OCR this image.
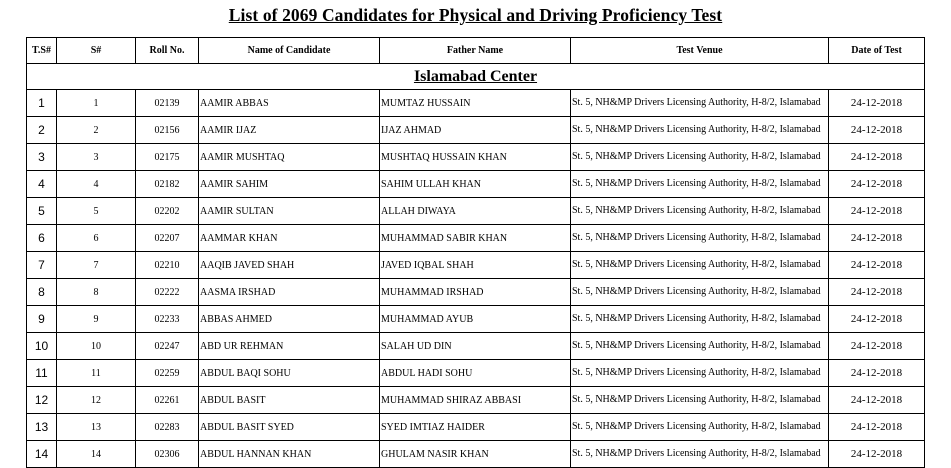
List of 2069 Candidates for Physical and Driving Proficiency Test
T.S#	S#	Roll No.	Name of Candidate	Father Name	Test Venue	Date of Test
Islamabad Center						
1	1	02139	AAMIR ABBAS	MUMTAZ HUSSAIN	St. 5, NH&MP Drivers Licensing Authority, H-8/2, Islamabad	24-12-2018
2	2	02156	AAMIR IJAZ	IJAZ AHMAD	St. 5, NH&MP Drivers Licensing Authority, H-8/2, Islamabad	24-12-2018
3	3	02175	AAMIR MUSHTAQ	MUSHTAQ HUSSAIN KHAN	St. 5, NH&MP Drivers Licensing Authority, H-8/2, Islamabad	24-12-2018
4	4	02182	AAMIR SAHIM	SAHIM ULLAH KHAN	St. 5, NH&MP Drivers Licensing Authority, H-8/2, Islamabad	24-12-2018
5	5	02202	AAMIR SULTAN	ALLAH DIWAYA	St. 5, NH&MP Drivers Licensing Authority, H-8/2, Islamabad	24-12-2018
6	6	02207	AAMMAR KHAN	MUHAMMAD SABIR KHAN	St. 5, NH&MP Drivers Licensing Authority, H-8/2, Islamabad	24-12-2018
7	7	02210	AAQIB JAVED SHAH	JAVED IQBAL SHAH	St. 5, NH&MP Drivers Licensing Authority, H-8/2, Islamabad	24-12-2018
8	8	02222	AASMA IRSHAD	MUHAMMAD IRSHAD	St. 5, NH&MP Drivers Licensing Authority, H-8/2, Islamabad	24-12-2018
9	9	02233	ABBAS AHMED	MUHAMMAD AYUB	St. 5, NH&MP Drivers Licensing Authority, H-8/2, Islamabad	24-12-2018
10	10	02247	ABD UR REHMAN	SALAH UD DIN	St. 5, NH&MP Drivers Licensing Authority, H-8/2, Islamabad	24-12-2018
11	11	02259	ABDUL BAQI SOHU	ABDUL HADI SOHU	St. 5, NH&MP Drivers Licensing Authority, H-8/2, Islamabad	24-12-2018
12	12	02261	ABDUL BASIT	MUHAMMAD SHIRAZ ABBASI	St. 5, NH&MP Drivers Licensing Authority, H-8/2, Islamabad	24-12-2018
13	13	02283	ABDUL BASIT SYED	SYED IMTIAZ HAIDER	St. 5, NH&MP Drivers Licensing Authority, H-8/2, Islamabad	24-12-2018
14	14	02306	ABDUL HANNAN KHAN	GHULAM NASIR KHAN	St. 5, NH&MP Drivers Licensing Authority, H-8/2, Islamabad	24-12-2018
